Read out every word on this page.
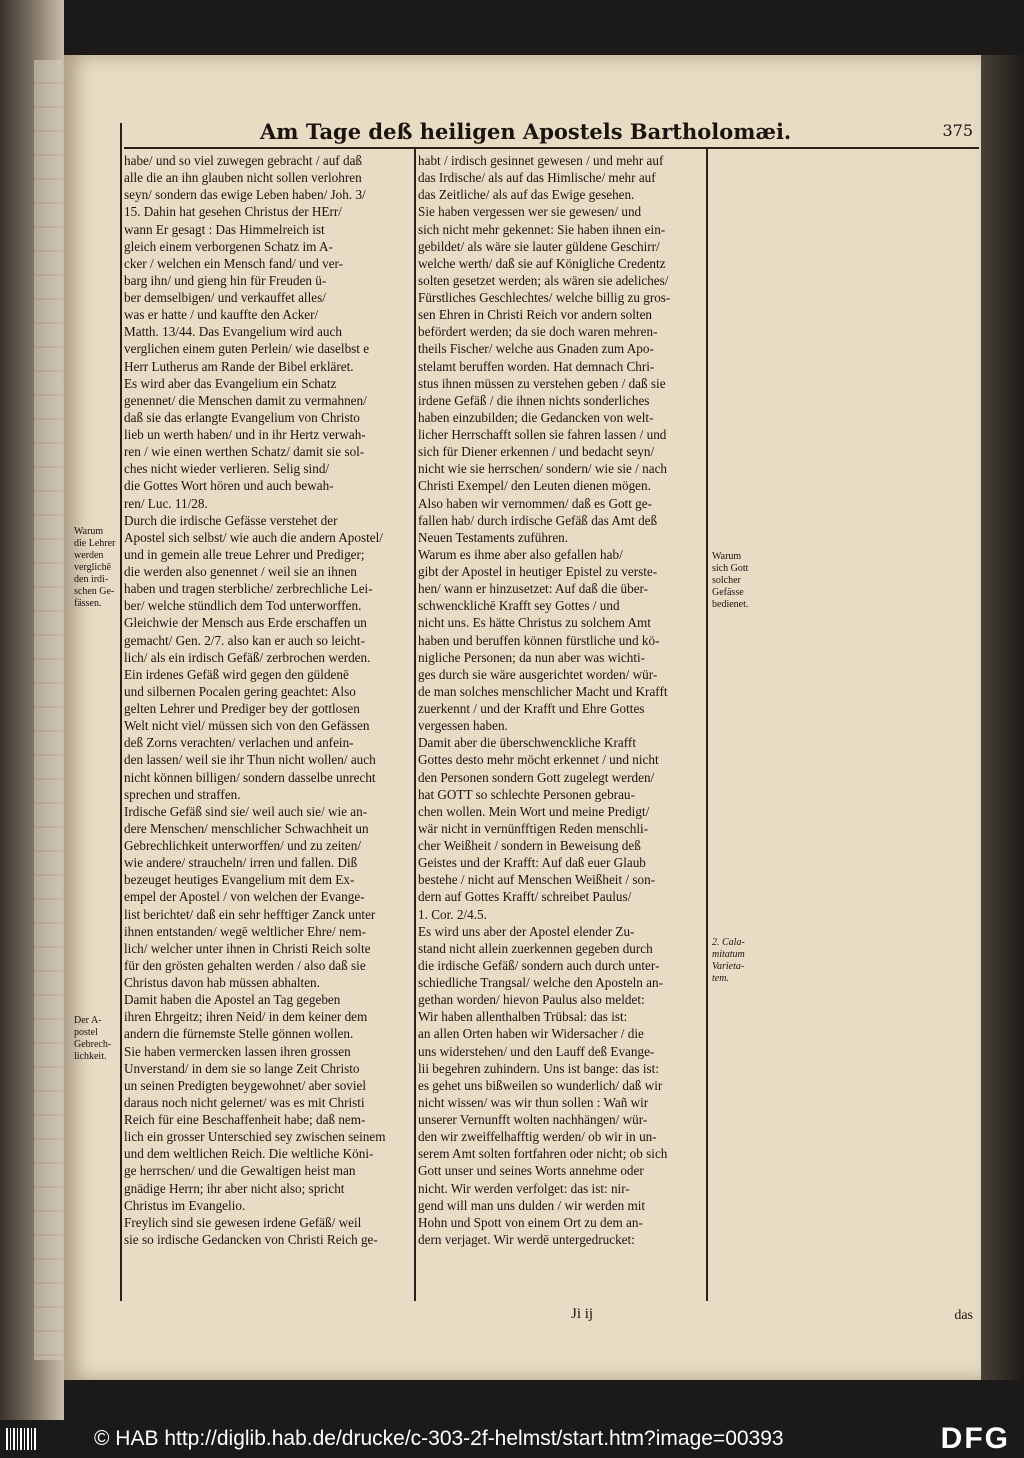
Am Tage deß heiligen Apostels Bartholomæi.	375

Warum

die Lehrer

werden

verglichē

den irdi-

schen Ge-

fässen.

Der A-

postel

Gebrech-

lichkeit.

Warum

sich Gott

solcher

Gefässe

bedienet.

2. Cala-

mitatum

Varieta-

tem.

habe/ und so viel zuwegen gebracht / auf daß

alle die an ihn glauben nicht sollen verlohren

seyn/ sondern das ewige Leben haben/ Joh. 3/

15. Dahin hat gesehen Christus der HErr/

wann Er gesagt : Das Himmelreich ist

gleich einem verborgenen Schatz im A-

cker / welchen ein Mensch fand/ und ver-

barg ihn/ und gieng hin für Freuden ü-

ber demselbigen/ und verkauffet alles/

was er hatte / und kauffte den Acker/

Matth. 13/44. Das Evangelium wird auch

verglichen einem guten Perlein/ wie daselbst e

Herr Lutherus am Rande der Bibel erkläret.

Es wird aber das Evangelium ein Schatz

genennet/ die Menschen damit zu vermahnen/

daß sie das erlangte Evangelium von Christo

lieb un werth haben/ und in ihr Hertz verwah-

ren / wie einen werthen Schatz/ damit sie sol-

ches nicht wieder verlieren. Selig sind/

die Gottes Wort hören und auch bewah-

ren/ Luc. 11/28.

Durch die irdische Gefässe verstehet der

Apostel sich selbst/ wie auch die andern Apostel/

und in gemein alle treue Lehrer und Prediger;

die werden also genennet / weil sie an ihnen

haben und tragen sterbliche/ zerbrechliche Lei-

ber/ welche stündlich dem Tod unterworffen.

Gleichwie der Mensch aus Erde erschaffen un

gemacht/ Gen. 2/7. also kan er auch so leicht-

lich/ als ein irdisch Gefäß/ zerbrochen werden.

Ein irdenes Gefäß wird gegen den güldenē

und silbernen Pocalen gering geachtet: Also

gelten Lehrer und Prediger bey der gottlosen

Welt nicht viel/ müssen sich von den Gefässen

deß Zorns verachten/ verlachen und anfein-

den lassen/ weil sie ihr Thun nicht wollen/ auch

nicht können billigen/ sondern dasselbe unrecht

sprechen und straffen.

Irdische Gefäß sind sie/ weil auch sie/ wie an-

dere Menschen/ menschlicher Schwachheit un

Gebrechlichkeit unterworffen/ und zu zeiten/

wie andere/ straucheln/ irren und fallen. Diß

bezeuget heutiges Evangelium mit dem Ex-

empel der Apostel / von welchen der Evange-

list berichtet/ daß ein sehr hefftiger Zanck unter

ihnen entstanden/ wegē weltlicher Ehre/ nem-

lich/ welcher unter ihnen in Christi Reich solte

für den grösten gehalten werden / also daß sie

Christus davon hab müssen abhalten.

Damit haben die Apostel an Tag gegeben

ihren Ehrgeitz; ihren Neid/ in dem keiner dem

andern die fürnemste Stelle gönnen wollen.

Sie haben vermercken lassen ihren grossen

Unverstand/ in dem sie so lange Zeit Christo

un seinen Predigten beygewohnet/ aber soviel

daraus noch nicht gelernet/ was es mit Christi

Reich für eine Beschaffenheit habe; daß nem-

lich ein grosser Unterschied sey zwischen seinem

und dem weltlichen Reich. Die weltliche Köni-

ge herrschen/ und die Gewaltigen heist man

gnädige Herrn; ihr aber nicht also; spricht

Christus im Evangelio.

Freylich sind sie gewesen irdene Gefäß/ weil

sie so irdische Gedancken von Christi Reich ge-

habt / irdisch gesinnet gewesen / und mehr auf

das Irdische/ als auf das Himlische/ mehr auf

das Zeitliche/ als auf das Ewige gesehen.

Sie haben vergessen wer sie gewesen/ und

sich nicht mehr gekennet: Sie haben ihnen ein-

gebildet/ als wäre sie lauter güldene Geschirr/

welche werth/ daß sie auf Königliche Credentz

solten gesetzet werden; als wären sie adeliches/

Fürstliches Geschlechtes/ welche billig zu gros-

sen Ehren in Christi Reich vor andern solten

befördert werden; da sie doch waren mehren-

theils Fischer/ welche aus Gnaden zum Apo-

stelamt beruffen worden. Hat demnach Chri-

stus ihnen müssen zu verstehen geben / daß sie

irdene Gefäß / die ihnen nichts sonderliches

haben einzubilden; die Gedancken von welt-

licher Herrschafft sollen sie fahren lassen / und

sich für Diener erkennen / und bedacht seyn/

nicht wie sie herrschen/ sondern/ wie sie / nach

Christi Exempel/ den Leuten dienen mögen.

Also haben wir vernommen/ daß es Gott ge-

fallen hab/ durch irdische Gefäß das Amt deß

Neuen Testaments zuführen.

Warum es ihme aber also gefallen hab/

gibt der Apostel in heutiger Epistel zu verste-

hen/ wann er hinzusetzet: Auf daß die über-

schwencklichē Krafft sey Gottes / und

nicht uns. Es hätte Christus zu solchem Amt

haben und beruffen können fürstliche und kö-

nigliche Personen; da nun aber was wichti-

ges durch sie wäre ausgerichtet worden/ wür-

de man solches menschlicher Macht und Krafft

zuerkennt / und der Krafft und Ehre Gottes

vergessen haben.

Damit aber die überschwenckliche Krafft

Gottes desto mehr möcht erkennet / und nicht

den Personen sondern Gott zugelegt werden/

hat GOTT so schlechte Personen gebrau-

chen wollen. Mein Wort und meine Predigt/

wär nicht in vernünfftigen Reden menschli-

cher Weißheit / sondern in Beweisung deß

Geistes und der Krafft: Auf daß euer Glaub

bestehe / nicht auf Menschen Weißheit / son-

dern auf Gottes Krafft/ schreibet Paulus/

1. Cor. 2/4.5.

Es wird uns aber der Apostel elender Zu-

stand nicht allein zuerkennen gegeben durch

die irdische Gefäß/ sondern auch durch unter-

schiedliche Trangsal/ welche den Aposteln an-

gethan worden/ hievon Paulus also meldet:

Wir haben allenthalben Trübsal: das ist:

an allen Orten haben wir Widersacher / die

uns widerstehen/ und den Lauff deß Evange-

lii begehren zuhindern. Uns ist bange: das ist:

es gehet uns bißweilen so wunderlich/ daß wir

nicht wissen/ was wir thun sollen : Wañ wir

unserer Vernunfft wolten nachhängen/ wür-

den wir zweiffelhafftig werden/ ob wir in un-

serem Amt solten fortfahren oder nicht; ob sich

Gott unser und seines Worts annehme oder

nicht. Wir werden verfolget: das ist: nir-

gend will man uns dulden / wir werden mit

Hohn und Spott von einem Ort zu dem an-

dern verjaget. Wir werdē untergedrucket:

Ji ij	das
© HAB http://diglib.hab.de/drucke/c-303-2f-helmst/start.htm?image=00393	DFG
